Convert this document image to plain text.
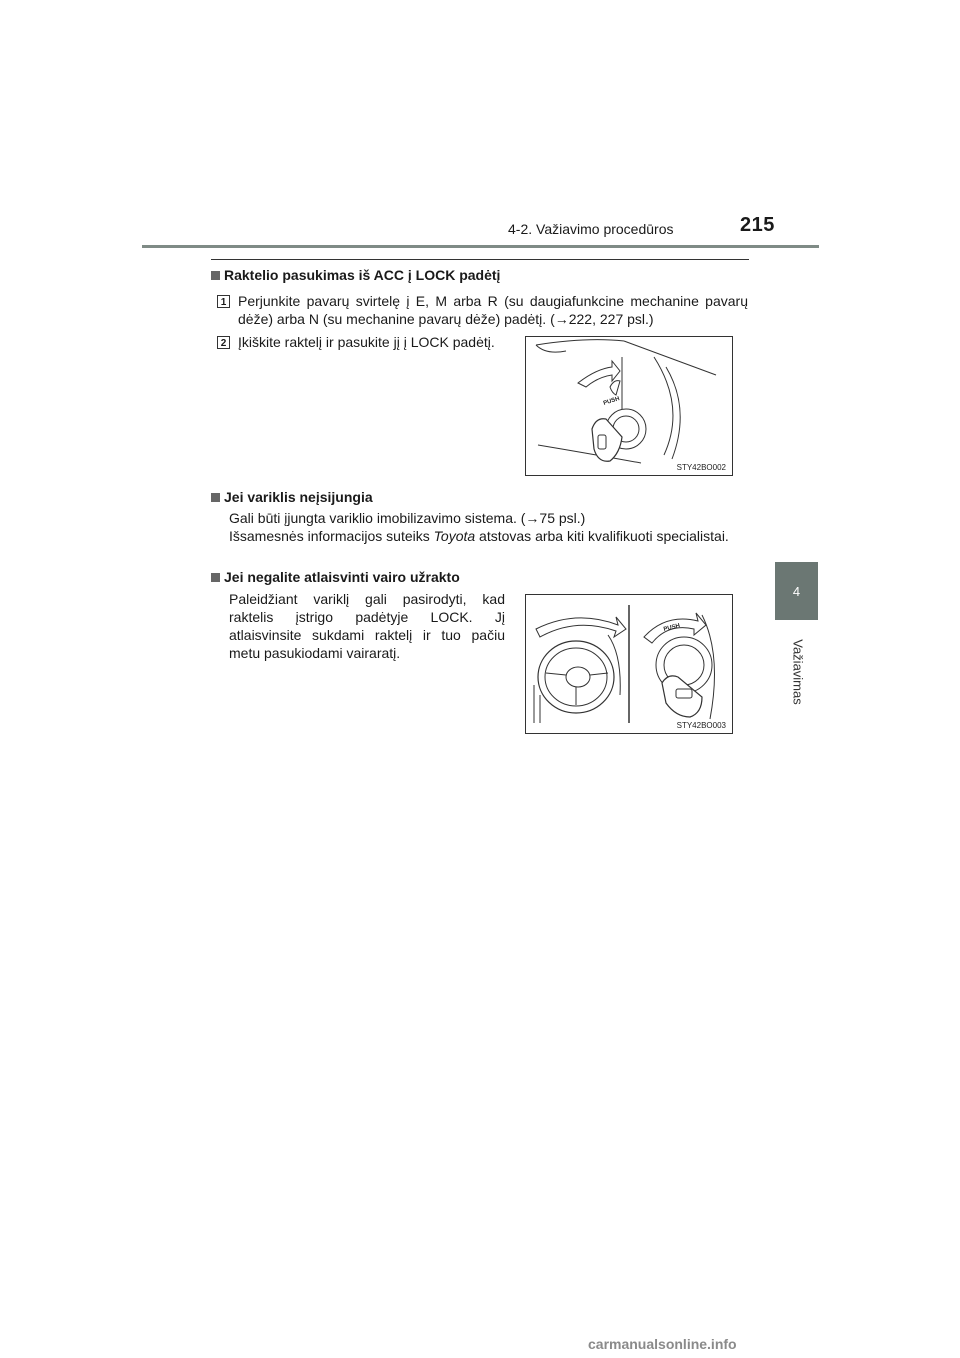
4-2. Važiavimo procedūros	215
4
Važiavimas
Raktelio pasukimas iš ACC į LOCK padėtį
1 Perjunkite pavarų svirtelę į E, M arba R (su daugiafunkcine mechanine pavarų dėže) arba N (su mechanine pavarų dėže) padėtį. (→222, 227 psl.)
2 Įkiškite raktelį ir pasukite jį į LOCK padėtį.
PUSH
STY42BO002
Jei variklis neįsijungia
Gali būti įjungta variklio imobilizavimo sistema. (→75 psl.)
Išsamesnės informacijos suteiks Toyota atstovas arba kiti kvalifikuoti specialistai.
Jei negalite atlaisvinti vairo užrakto
Paleidžiant variklį gali pasirodyti, kad raktelis įstrigo padėtyje LOCK. Jį atlaisvinsite sukdami raktelį ir tuo pačiu metu pasukiodami vairaratį.
PUSH
STY42BO003
carmanualsonline.info
